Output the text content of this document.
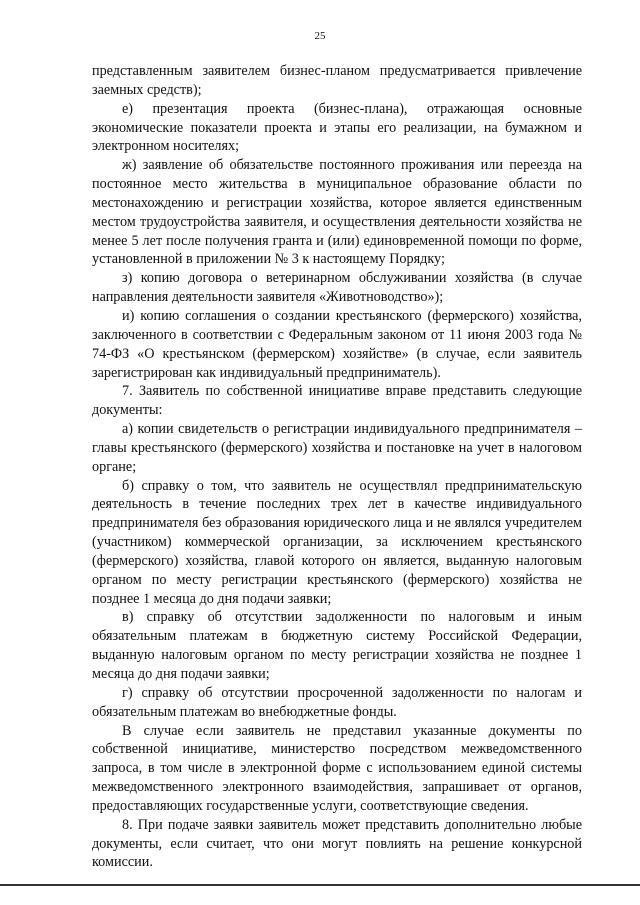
25

представленным заявителем бизнес-планом предусматривается привлечение заемных средств);

е) презентация проекта (бизнес-плана), отражающая основные экономические показатели проекта и этапы его реализации, на бумажном и электронном носителях;

ж) заявление об обязательстве постоянного проживания или переезда на постоянное место жительства в муниципальное образование области по местонахождению и регистрации хозяйства, которое является единственным местом трудоустройства заявителя, и осуществления деятельности хозяйства не менее 5 лет после получения гранта и (или) единовременной помощи по форме, установленной в приложении № 3 к настоящему Порядку;

з) копию договора о ветеринарном обслуживании хозяйства (в случае направления деятельности заявителя «Животноводство»);

и) копию соглашения о создании крестьянского (фермерского) хозяйства, заключенного в соответствии с Федеральным законом от 11 июня 2003 года № 74-ФЗ «О крестьянском (фермерском) хозяйстве» (в случае, если заявитель зарегистрирован как индивидуальный предприниматель).

7. Заявитель по собственной инициативе вправе представить следующие документы:

а) копии свидетельств о регистрации индивидуального предпринимателя – главы крестьянского (фермерского) хозяйства и постановке на учет в налоговом органе;

б) справку о том, что заявитель не осуществлял предпринимательскую деятельность в течение последних трех лет в качестве индивидуального предпринимателя без образования юридического лица и не являлся учредителем (участником) коммерческой организации, за исключением крестьянского (фермерского) хозяйства, главой которого он является, выданную налоговым органом по месту регистрации крестьянского (фермерского) хозяйства не позднее 1 месяца до дня подачи заявки;

в) справку об отсутствии задолженности по налоговым и иным обязательным платежам в бюджетную систему Российской Федерации, выданную налоговым органом по месту регистрации хозяйства не позднее 1 месяца до дня подачи заявки;

г) справку об отсутствии просроченной задолженности по налогам и обязательным платежам во внебюджетные фонды.

В случае если заявитель не представил указанные документы по собственной инициативе, министерство посредством межведомственного запроса, в том числе в электронной форме с использованием единой системы межведомственного электронного взаимодействия, запрашивает от органов, предоставляющих государственные услуги, соответствующие сведения.

8. При подаче заявки заявитель может представить дополнительно любые документы, если считает, что они могут повлиять на решение конкурсной комиссии.
